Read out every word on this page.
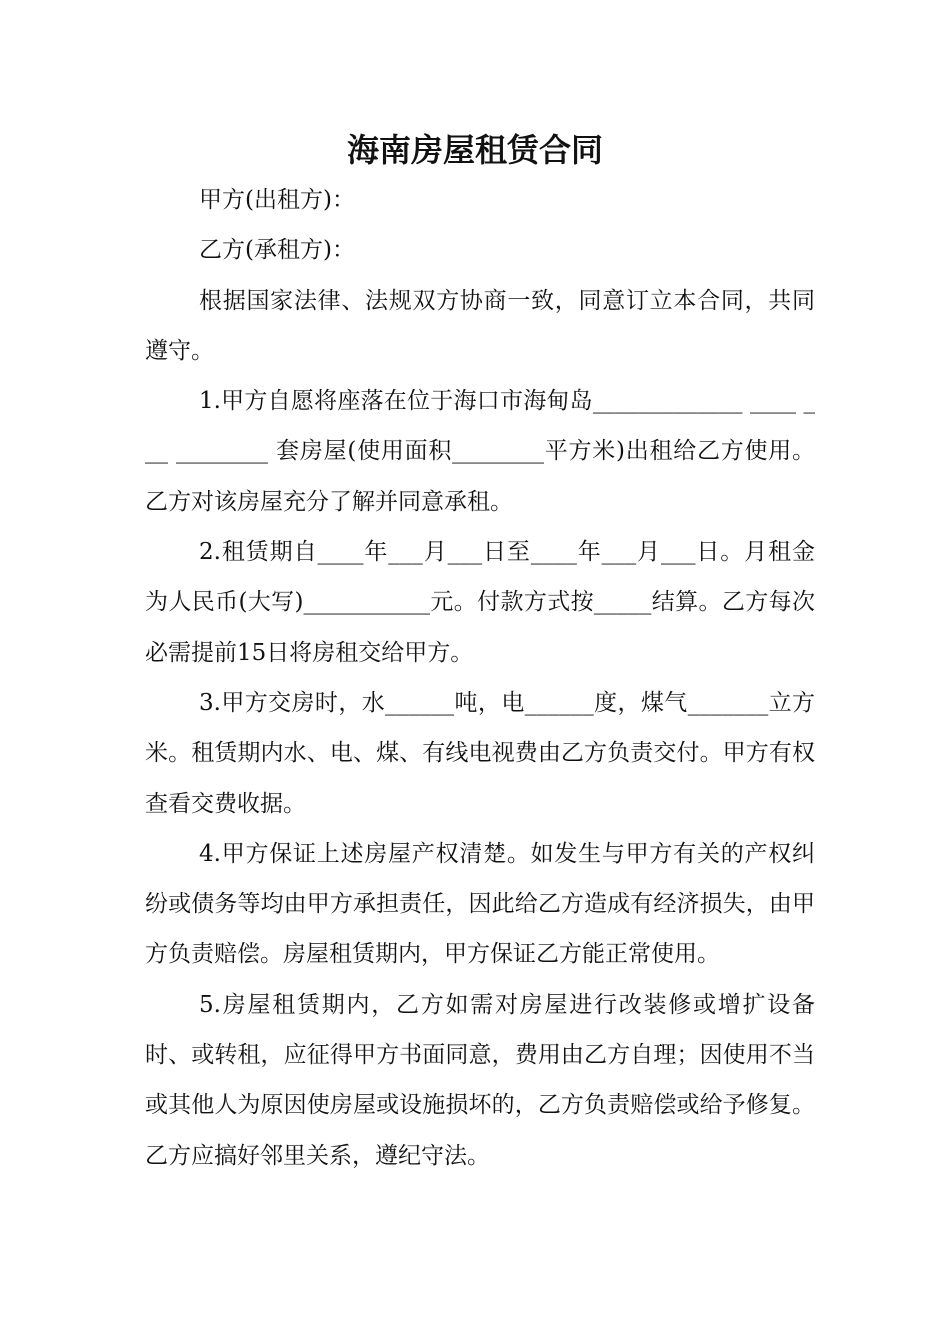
海南房屋租赁合同

甲方(出租方)：

乙方(承租方)：

根据国家法律、法规双方协商一致，同意订立本合同，共同遵守。

1.甲方自愿将座落在位于海口市海甸岛_____________ ____ ___ ________ 套房屋(使用面积________平方米)出租给乙方使用。乙方对该房屋充分了解并同意承租。

2.租赁期自____年___月___日至____年___月___日。月租金为人民币(大写)___________元。付款方式按_____结算。乙方每次必需提前15日将房租交给甲方。

3.甲方交房时，水______吨，电______度，煤气_______立方米。租赁期内水、电、煤、有线电视费由乙方负责交付。甲方有权查看交费收据。

4.甲方保证上述房屋产权清楚。如发生与甲方有关的产权纠纷或债务等均由甲方承担责任，因此给乙方造成有经济损失，由甲方负责赔偿。房屋租赁期内，甲方保证乙方能正常使用。

5.房屋租赁期内，乙方如需对房屋进行改装修或增扩设备时、或转租，应征得甲方书面同意，费用由乙方自理；因使用不当或其他人为原因使房屋或设施损坏的，乙方负责赔偿或给予修复。乙方应搞好邻里关系，遵纪守法。
